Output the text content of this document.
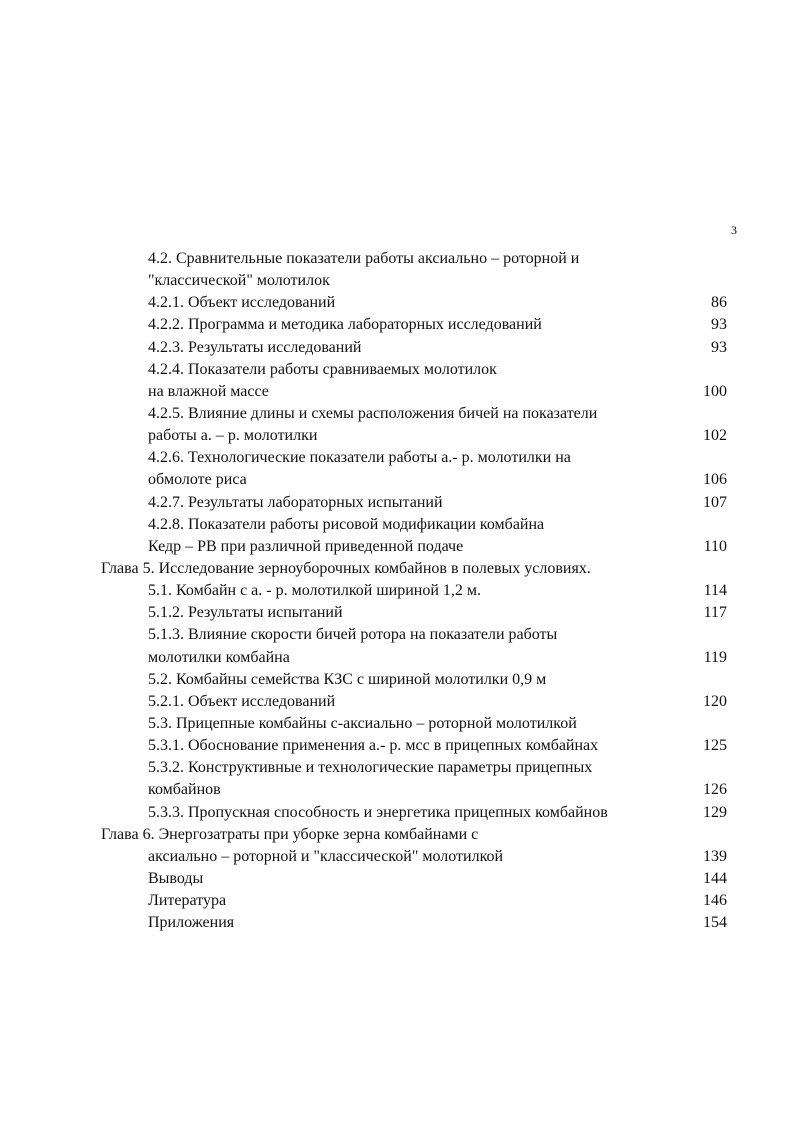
3
4.2. Сравнительные показатели работы аксиально – роторной и
"классической" молотилок
4.2.1. Объект исследований	86
4.2.2. Программа и методика лабораторных исследований	93
4.2.3. Результаты исследований	93
4.2.4. Показатели работы сравниваемых молотилок
на влажной массе	100
4.2.5. Влияние длины и схемы расположения бичей на показатели
работы а. – р. молотилки	102
4.2.6. Технологические показатели работы а.- р. молотилки на
обмолоте риса	106
4.2.7. Результаты лабораторных испытаний	107
4.2.8. Показатели работы рисовой модификации комбайна
Кедр – РВ при различной приведенной подаче	110
Глава 5. Исследование зерноуборочных комбайнов в полевых условиях.
5.1. Комбайн с а. - р. молотилкой шириной 1,2 м.	114
5.1.2. Результаты испытаний	117
5.1.3. Влияние скорости бичей ротора на показатели работы
молотилки комбайна	119
5.2. Комбайны семейства КЗС с шириной молотилки 0,9 м
5.2.1. Объект исследований	120
5.3. Прицепные комбайны с-аксиально – роторной молотилкой
5.3.1. Обоснование применения а.- р. мсс в прицепных комбайнах	125
5.3.2. Конструктивные и технологические параметры прицепных
комбайнов	126
5.3.3. Пропускная способность и энергетика прицепных комбайнов	129
Глава 6. Энергозатраты при уборке зерна комбайнами с
аксиально – роторной и "классической" молотилкой	139
Выводы	144
Литература	146
Приложения	154
